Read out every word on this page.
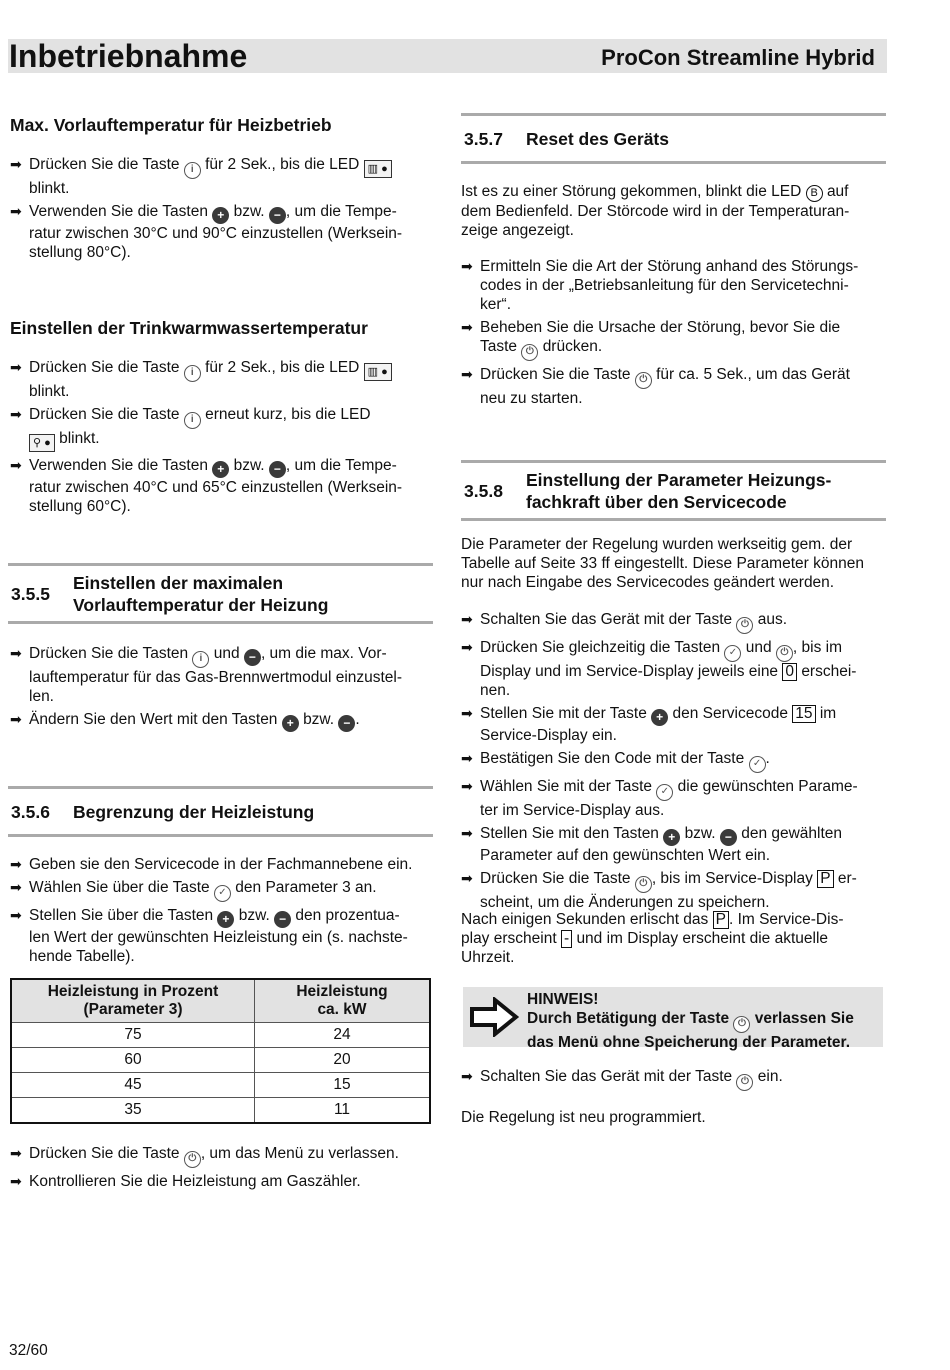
Inbetriebnahme	ProCon Streamline Hybrid
Max. Vorlauftemperatur für Heizbetrieb
➡ Drücken Sie die Taste i für 2 Sek., bis die LED ▥ ●
blinkt.
➡ Verwenden Sie die Tasten + bzw. − , um die Tempe-
ratur zwischen 30°C und 90°C einzustellen (Werksein-
stellung 80°C).
Einstellen der Trinkwarmwassertemperatur
➡ Drücken Sie die Taste i für 2 Sek., bis die LED ▥ ●
blinkt.
➡ Drücken Sie die Taste i erneut kurz, bis die LED
⚲ ● blinkt.
➡ Verwenden Sie die Tasten + bzw. − , um die Tempe-
ratur zwischen 40°C und 65°C einzustellen (Werksein-
stellung 60°C).
3.5.5
Einstellen der maximalen
Vorlauftemperatur der Heizung
➡ Drücken Sie die Tasten i und − , um die max. Vor-
lauftemperatur für das Gas-Brennwertmodul einzustel-
len.
➡ Ändern Sie den Wert mit den Tasten + bzw. − .
3.5.6	Begrenzung der Heizleistung
➡ Geben sie den Servicecode in der Fachmannebene ein.
➡ Wählen Sie über die Taste ✓ den Parameter 3 an.
➡ Stellen Sie über die Tasten + bzw. − den prozentua-
len Wert der gewünschten Heizleistung ein (s. nachste-
hende Tabelle).
Heizleistung in Prozent
(Parameter 3)	Heizleistung
ca. kW
75	24
60	20
45	15
35	11
➡ Drücken Sie die Taste ⏻ , um das Menü zu verlassen.
➡ Kontrollieren Sie die Heizleistung am Gaszähler.
3.5.7	Reset des Geräts
Ist es zu einer Störung gekommen, blinkt die LED B auf
dem Bedienfeld. Der Störcode wird in der Temperaturan-
zeige angezeigt.
➡ Ermitteln Sie die Art der Störung anhand des Störungs-
codes in der „Betriebsanleitung für den Servicetechni-
ker“.
➡ Beheben Sie die Ursache der Störung, bevor Sie die
Taste ⏻ drücken.
➡ Drücken Sie die Taste ⏻ für ca. 5 Sek., um das Gerät
neu zu starten.
3.5.8
Einstellung der Parameter Heizungs-
fachkraft über den Servicecode
Die Parameter der Regelung wurden werkseitig gem. der
Tabelle auf Seite 33 ff eingestellt. Diese Parameter können
nur nach Eingabe des Servicecodes geändert werden.
➡ Schalten Sie das Gerät mit der Taste ⏻ aus.
➡ Drücken Sie gleichzeitig die Tasten ✓ und ⏻ , bis im
Display und im Service-Display jeweils eine 0 erschei-
nen.
➡ Stellen Sie mit der Taste + den Servicecode 15 im
Service-Display ein.
➡ Bestätigen Sie den Code mit der Taste ✓ .
➡ Wählen Sie mit der Taste ✓ die gewünschten Parame-
ter im Service-Display aus.
➡ Stellen Sie mit den Tasten + bzw. − den gewählten
Parameter auf den gewünschten Wert ein.
➡ Drücken Sie die Taste ⏻ , bis im Service-Display P er-
scheint, um die Änderungen zu speichern.
Nach einigen Sekunden erlischt das P . Im Service-Dis-
play erscheint - und im Display erscheint die aktuelle
Uhrzeit.
HINWEIS!
Durch Betätigung der Taste ⏻ verlassen Sie
das Menü ohne Speicherung der Parameter.
➡ Schalten Sie das Gerät mit der Taste ⏻ ein.
Die Regelung ist neu programmiert.
32/60
